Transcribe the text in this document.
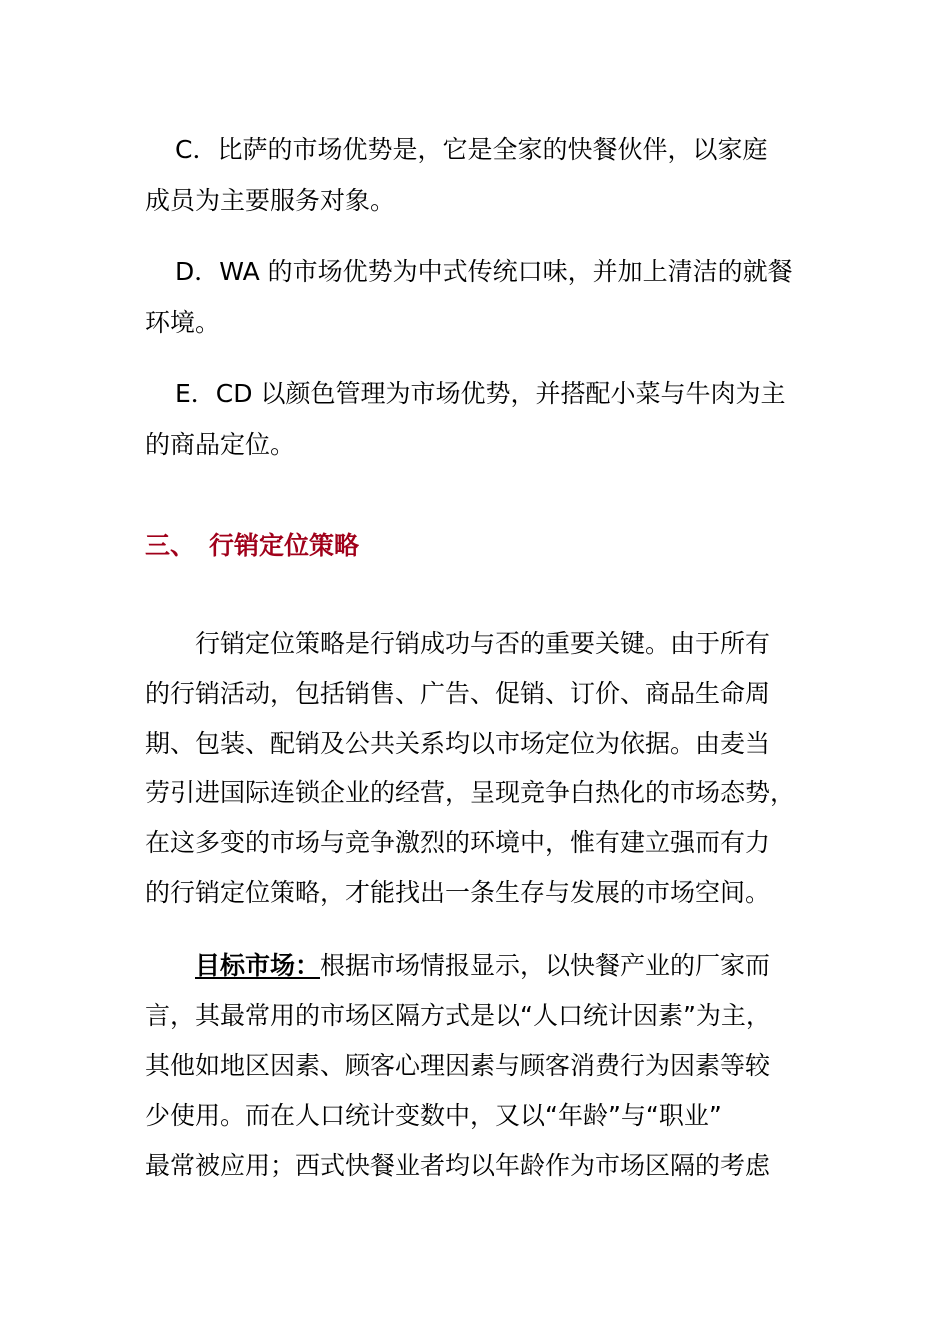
C．比萨的市场优势是，它是全家的快餐伙伴，以家庭
成员为主要服务对象。
D．WA 的市场优势为中式传统口味，并加上清洁的就餐
环境。
E．CD 以颜色管理为市场优势，并搭配小菜与牛肉为主
的商品定位。
三、 行销定位策略
行销定位策略是行销成功与否的重要关键。由于所有
的行销活动，包括销售、广告、促销、订价、商品生命周
期、包装、配销及公共关系均以市场定位为依据。由麦当
劳引进国际连锁企业的经营，呈现竞争白热化的市场态势，
在这多变的市场与竞争激烈的环境中，惟有建立强而有力
的行销定位策略，才能找出一条生存与发展的市场空间。
目标市场：根据市场情报显示，以快餐产业的厂家而
言，其最常用的市场区隔方式是以“人口统计因素”为主，
其他如地区因素、顾客心理因素与顾客消费行为因素等较
少使用。而在人口统计变数中，又以“年龄”与“职业”
最常被应用；西式快餐业者均以年龄作为市场区隔的考虑
